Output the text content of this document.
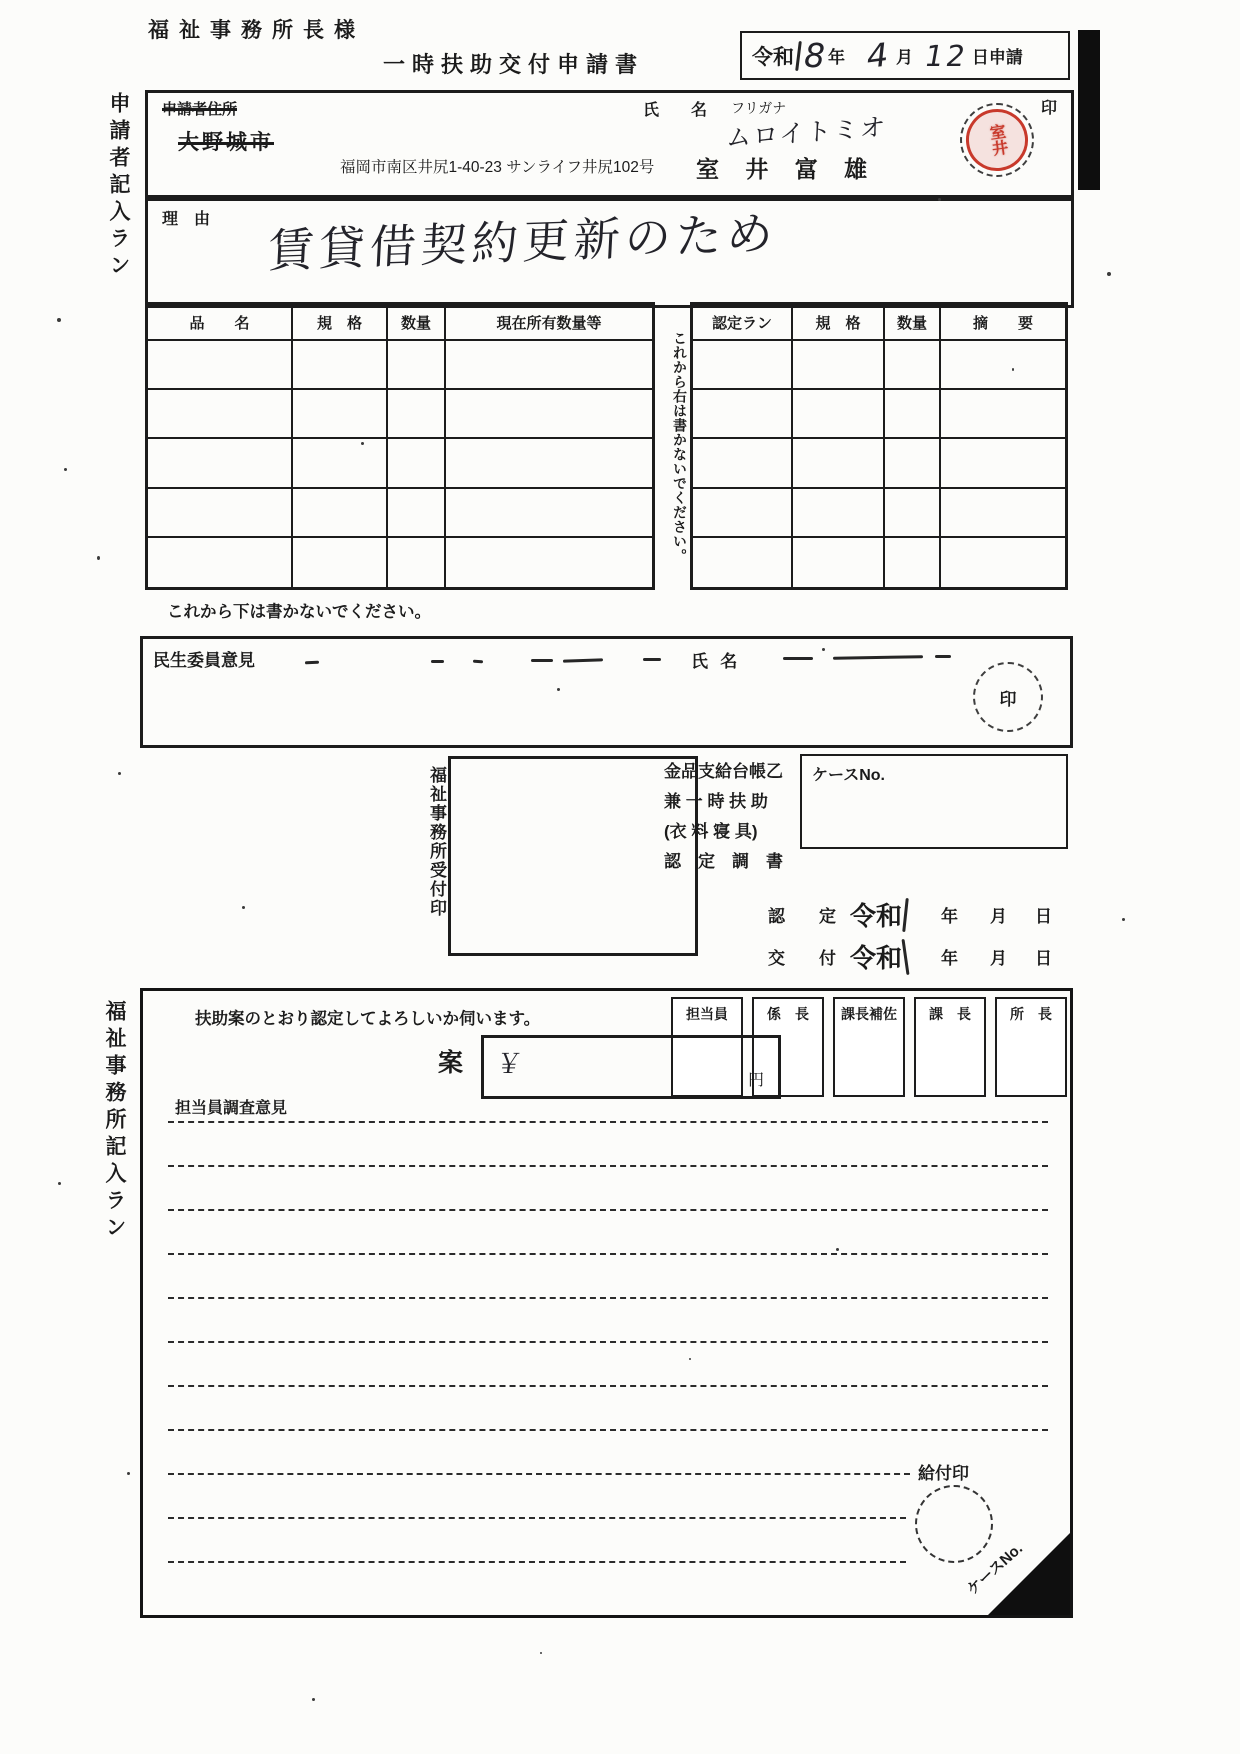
福祉事務所長様
一時扶助交付申請書	令和 8 年 4 月 12 日申請
申請者記入ラン
福祉事務所記入ラン
申請者住所
大野城市
福岡市南区井尻1-40-23 サンライフ井尻102号
氏　名 フリガナ
ムロイトミオ
室 井 富 雄
印
室井
理　由 賃貸借契約更新のため
品　　名	規　格	数量	現在所有数量等
これから右は書かないでください。
認定ラン	規　格	数量	摘　　要
これから下は書かないでください。
民生委員意見	氏 名
印
福祉事務所受付印	金品支給台帳乙
兼 一 時 扶 助
(衣 料 寝 具)
認　定　調　書
ケースNo.
認　　定 令和 年 月 日
交　　付 令和 年 月 日
扶助案のとおり認定してよろしいか伺います。	担当員	係　長	課長補佐	課　長	所　長
案 ￥
円
担当員調査意見
給付印
ケースNo.
